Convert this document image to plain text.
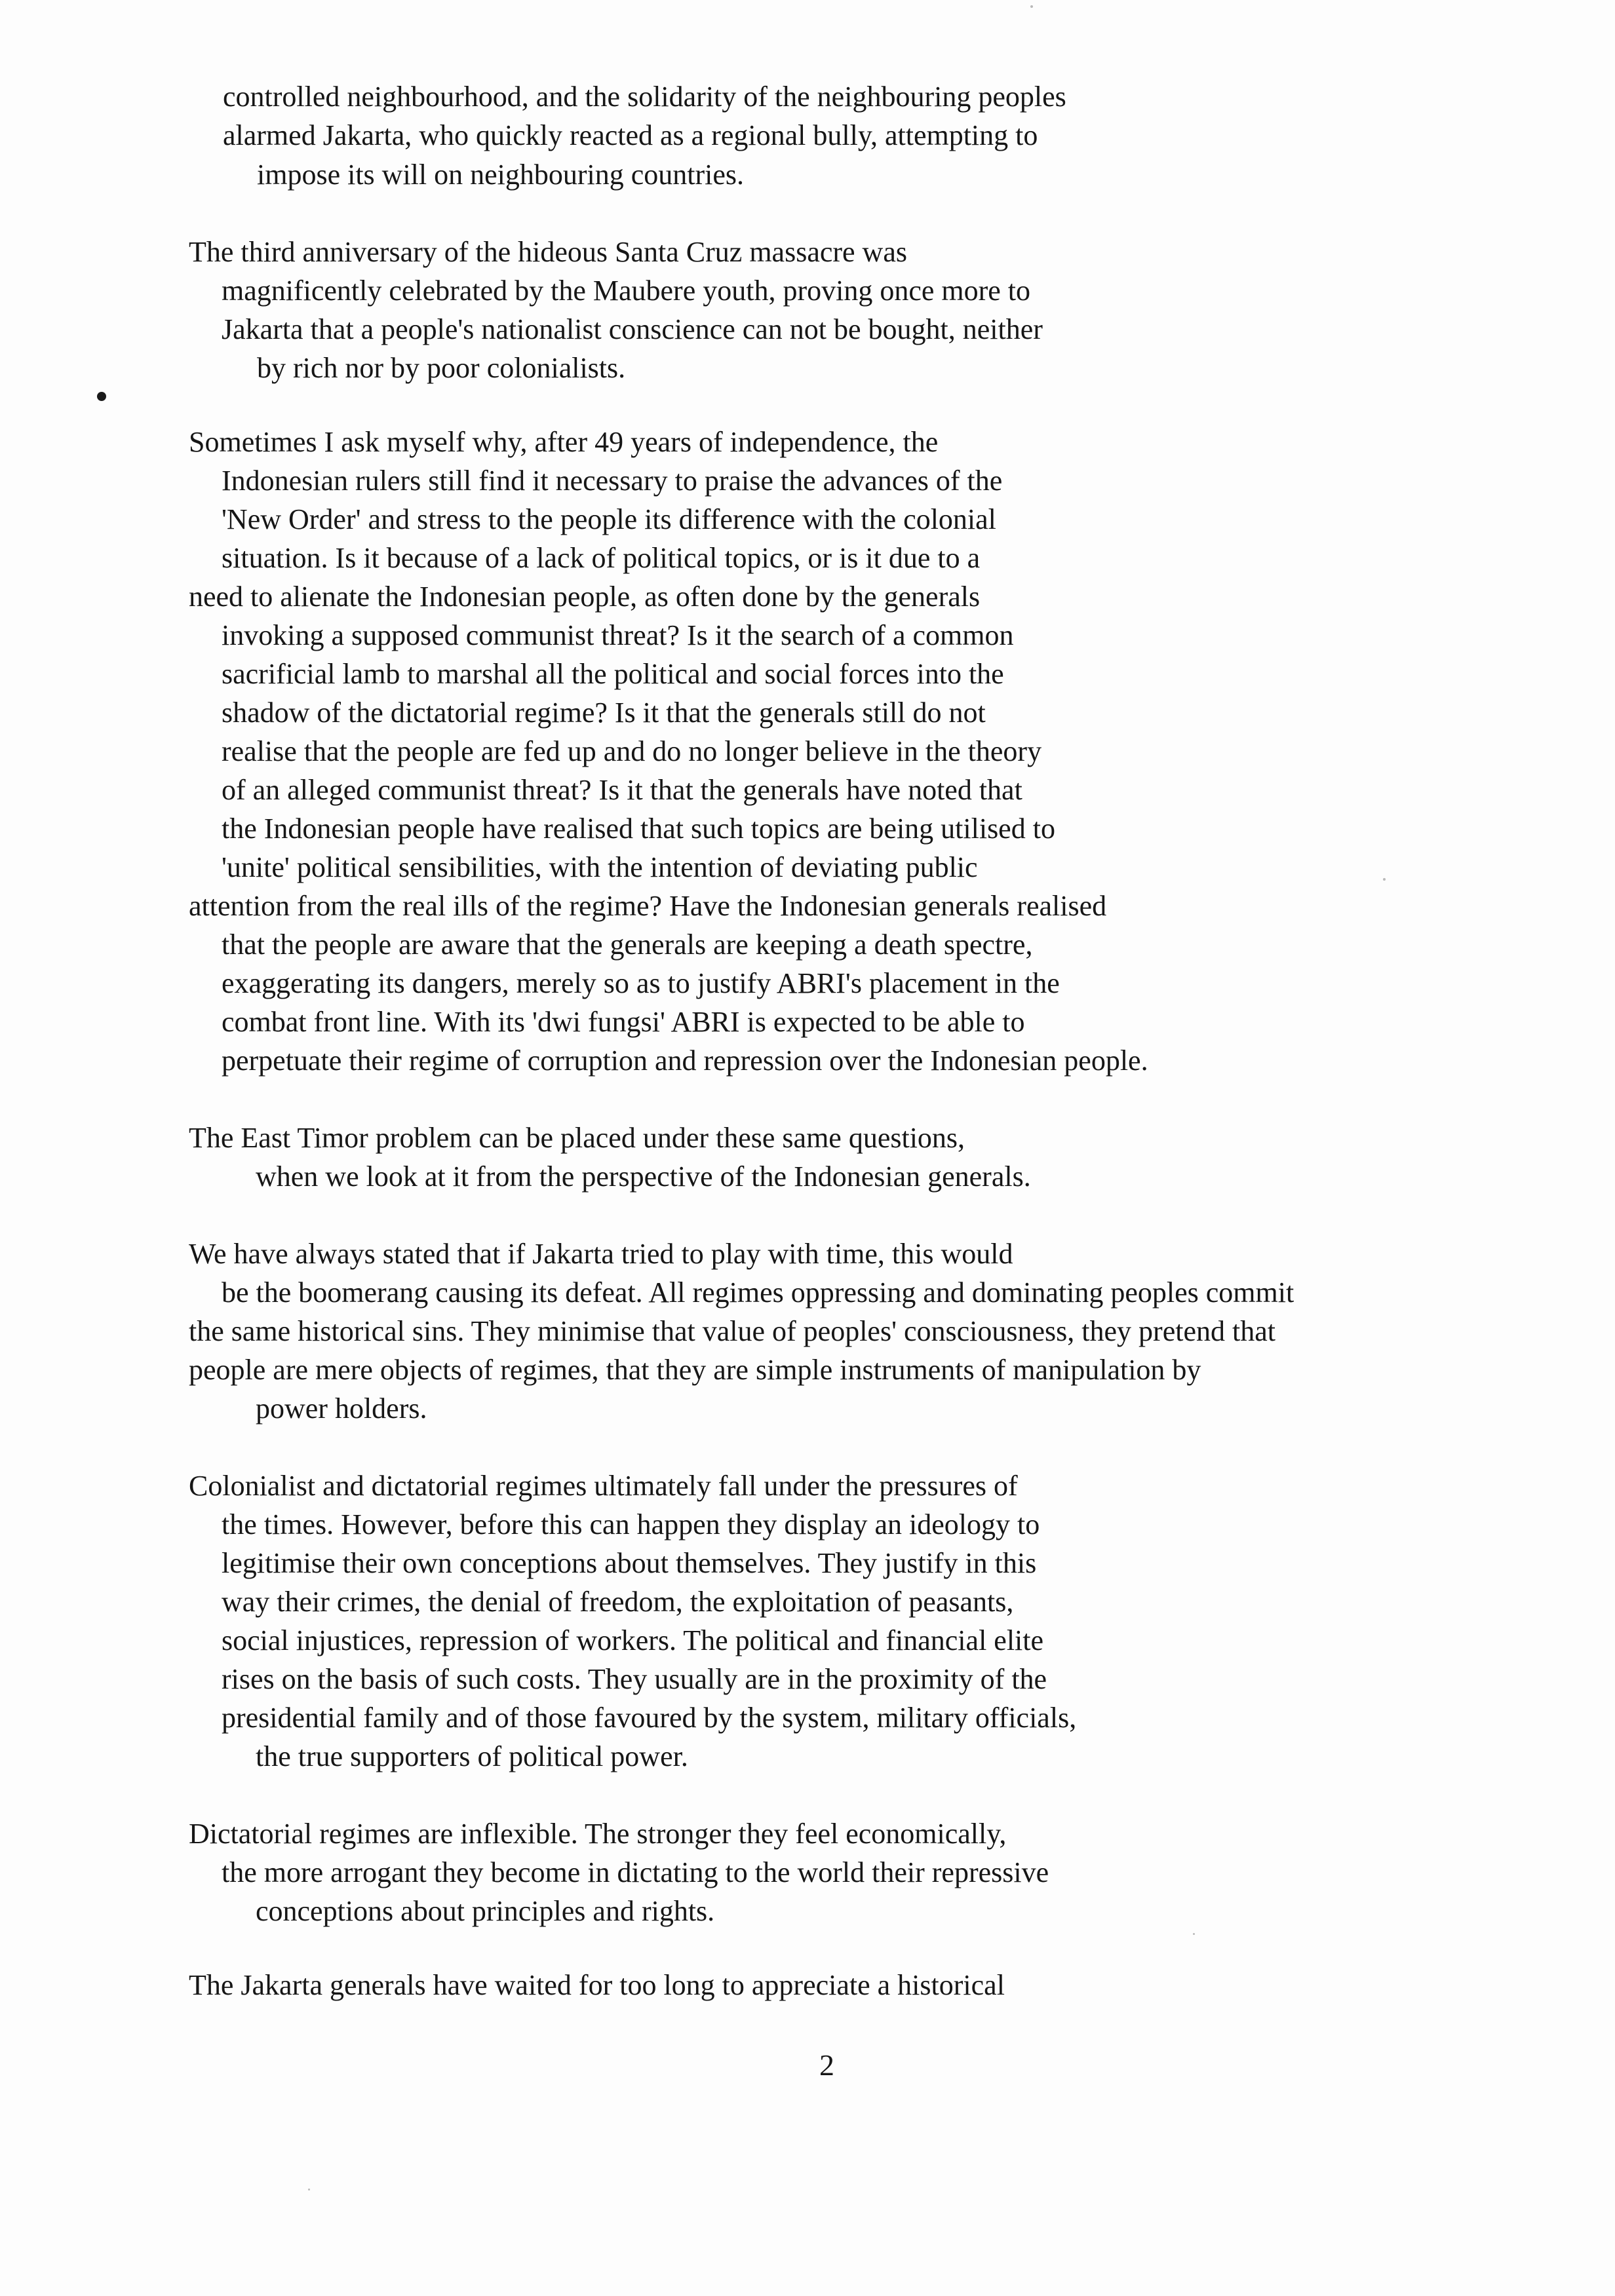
controlled neighbourhood, and the solidarity of the neighbouring peoples
alarmed Jakarta, who quickly reacted as a regional bully, attempting to
impose its will on neighbouring countries.
The third anniversary of the hideous Santa Cruz massacre was
magnificently celebrated by the Maubere youth, proving once more to
Jakarta that a people's nationalist conscience can not be bought, neither
by rich nor by poor colonialists.
Sometimes I ask myself why, after 49 years of independence, the
Indonesian rulers still find it necessary to praise the advances of the
'New Order' and stress to the people its difference with the colonial
situation. Is it because of a lack of political topics, or is it due to a
need to alienate the Indonesian people, as often done by the generals
invoking a supposed communist threat? Is it the search of a common
sacrificial lamb to marshal all the political and social forces into the
shadow of the dictatorial regime? Is it that the generals still do not
realise that the people are fed up and do no longer believe in the theory
of an alleged communist threat? Is it that the generals have noted that
the Indonesian people have realised that such topics are being utilised to
'unite' political sensibilities, with the intention of deviating public
attention from the real ills of the regime? Have the Indonesian generals realised
that the people are aware that the generals are keeping a death spectre,
exaggerating its dangers, merely so as to justify ABRI's placement in the
combat front line. With its 'dwi fungsi' ABRI is expected to be able to
perpetuate their regime of corruption and repression over the Indonesian people.
The East Timor problem can be placed under these same questions,
when we look at it from the perspective of the Indonesian generals.
We have always stated that if Jakarta tried to play with time, this would
be the boomerang causing its defeat. All regimes oppressing and dominating peoples commit
the same historical sins. They minimise that value of peoples' consciousness, they pretend that
people are mere objects of regimes, that they are simple instruments of manipulation by
power holders.
Colonialist and dictatorial regimes ultimately fall under the pressures of
the times. However, before this can happen they display an ideology to
legitimise their own conceptions about themselves. They justify in this
way their crimes, the denial of freedom, the exploitation of peasants,
social injustices, repression of workers. The political and financial elite
rises on the basis of such costs. They usually are in the proximity of the
presidential family and of those favoured by the system, military officials,
the true supporters of political power.
Dictatorial regimes are inflexible. The stronger they feel economically,
the more arrogant they become in dictating to the world their repressive
conceptions about principles and rights.
The Jakarta generals have waited for too long to appreciate a historical
2
